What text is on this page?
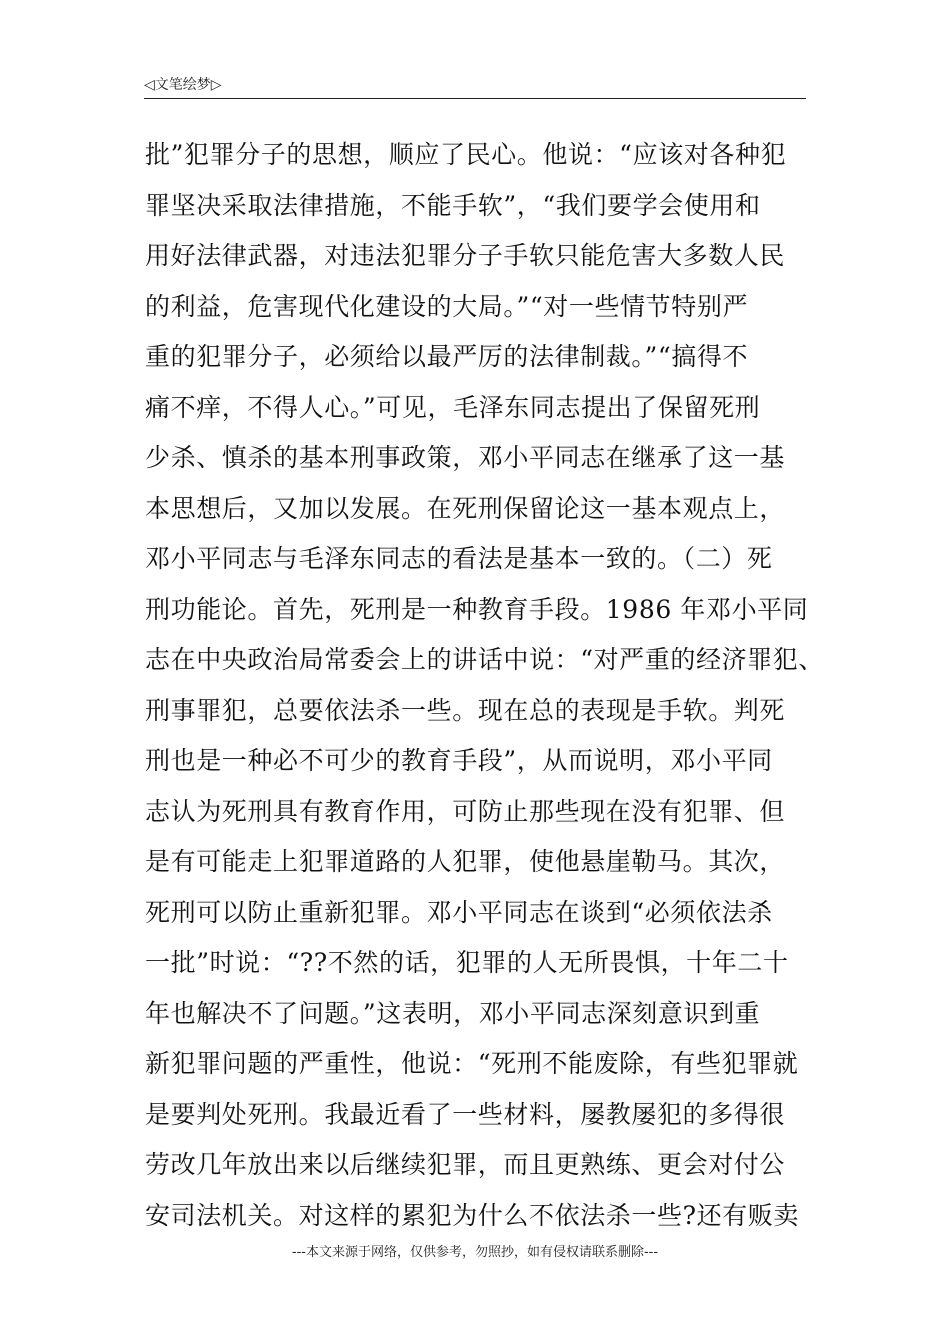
◁文笔绘梦▷
批”犯罪分子的思想，顺应了民心。他说：“应该对各种犯
罪坚决采取法律措施，不能手软”，“我们要学会使用和
用好法律武器，对违法犯罪分子手软只能危害大多数人民
的利益，危害现代化建设的大局。”“对一些情节特别严
重的犯罪分子，必须给以最严厉的法律制裁。”“搞得不
痛不痒，不得人心。”可见，毛泽东同志提出了保留死刑
少杀、慎杀的基本刑事政策，邓小平同志在继承了这一基
本思想后，又加以发展。在死刑保留论这一基本观点上，
邓小平同志与毛泽东同志的看法是基本一致的。（二）死
刑功能论。首先，死刑是一种教育手段。1986 年邓小平同
志在中央政治局常委会上的讲话中说：“对严重的经济罪犯、
刑事罪犯，总要依法杀一些。现在总的表现是手软。判死
刑也是一种必不可少的教育手段”，从而说明，邓小平同
志认为死刑具有教育作用，可防止那些现在没有犯罪、但
是有可能走上犯罪道路的人犯罪，使他悬崖勒马。其次，
死刑可以防止重新犯罪。邓小平同志在谈到“必须依法杀
一批”时说：“??不然的话，犯罪的人无所畏惧，十年二十
年也解决不了问题。”这表明，邓小平同志深刻意识到重
新犯罪问题的严重性，他说：“死刑不能废除，有些犯罪就
是要判处死刑。我最近看了一些材料，屡教屡犯的多得很
劳改几年放出来以后继续犯罪，而且更熟练、更会对付公
安司法机关。对这样的累犯为什么不依法杀一些?还有贩卖
---本文来源于网络，仅供参考，勿照抄，如有侵权请联系删除---
